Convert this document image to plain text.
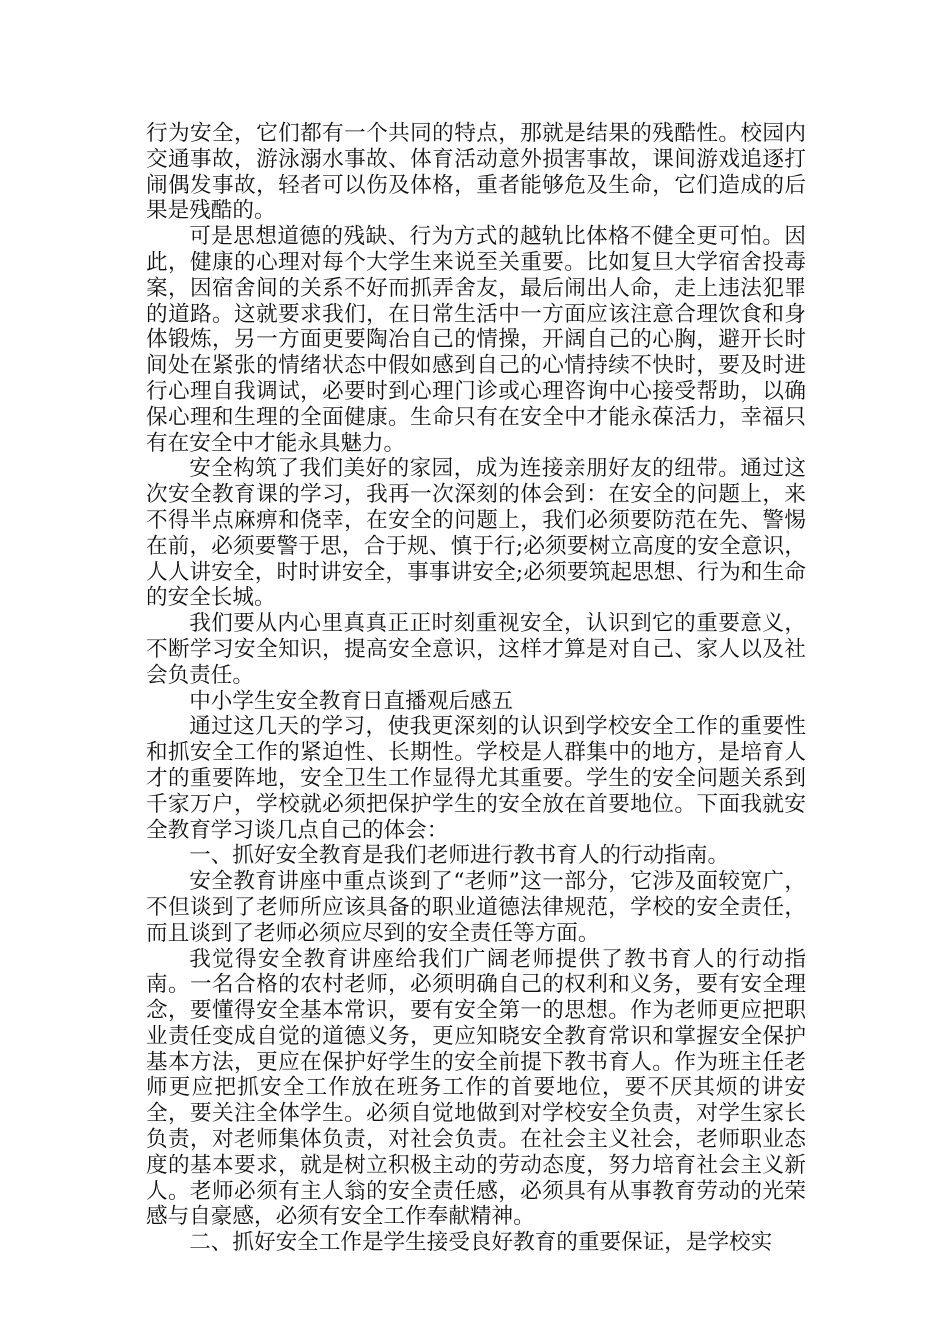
行为安全，它们都有一个共同的特点，那就是结果的残酷性。校园内交通事故，游泳溺水事故、体育活动意外损害事故，课间游戏追逐打闹偶发事故，轻者可以伤及体格，重者能够危及生命，它们造成的后果是残酷的。

可是思想道德的残缺、行为方式的越轨比体格不健全更可怕。因此，健康的心理对每个大学生来说至关重要。比如复旦大学宿舍投毒案，因宿舍间的关系不好而抓弄舍友，最后闹出人命，走上违法犯罪的道路。这就要求我们，在日常生活中一方面应该注意合理饮食和身体锻炼，另一方面更要陶冶自己的情操，开阔自己的心胸，避开长时间处在紧张的情绪状态中假如感到自己的心情持续不快时，要及时进行心理自我调试，必要时到心理门诊或心理咨询中心接受帮助，以确保心理和生理的全面健康。生命只有在安全中才能永葆活力，幸福只有在安全中才能永具魅力。

安全构筑了我们美好的家园，成为连接亲朋好友的纽带。通过这次安全教育课的学习，我再一次深刻的体会到：在安全的问题上，来不得半点麻痹和侥幸，在安全的问题上，我们必须要防范在先、警惕在前，必须要警于思，合于规、慎于行;必须要树立高度的安全意识，人人讲安全，时时讲安全，事事讲安全;必须要筑起思想、行为和生命的安全长城。

我们要从内心里真真正正时刻重视安全，认识到它的重要意义，不断学习安全知识，提高安全意识，这样才算是对自己、家人以及社会负责任。

中小学生安全教育日直播观后感五

通过这几天的学习，使我更深刻的认识到学校安全工作的重要性和抓安全工作的紧迫性、长期性。学校是人群集中的地方，是培育人才的重要阵地，安全卫生工作显得尤其重要。学生的安全问题关系到千家万户，学校就必须把保护学生的安全放在首要地位。下面我就安全教育学习谈几点自己的体会：

一、抓好安全教育是我们老师进行教书育人的行动指南。

安全教育讲座中重点谈到了“老师”这一部分，它涉及面较宽广，不但谈到了老师所应该具备的职业道德法律规范，学校的安全责任，而且谈到了老师必须应尽到的安全责任等方面。

我觉得安全教育讲座给我们广阔老师提供了教书育人的行动指南。一名合格的农村老师，必须明确自己的权利和义务，要有安全理念，要懂得安全基本常识，要有安全第一的思想。作为老师更应把职业责任变成自觉的道德义务，更应知晓安全教育常识和掌握安全保护基本方法，更应在保护好学生的安全前提下教书育人。作为班主任老师更应把抓安全工作放在班务工作的首要地位，要不厌其烦的讲安全，要关注全体学生。必须自觉地做到对学校安全负责，对学生家长负责，对老师集体负责，对社会负责。在社会主义社会，老师职业态度的基本要求，就是树立积极主动的劳动态度，努力培育社会主义新人。老师必须有主人翁的安全责任感，必须具有从事教育劳动的光荣感与自豪感，必须有安全工作奉献精神。

二、抓好安全工作是学生接受良好教育的重要保证，是学校实
